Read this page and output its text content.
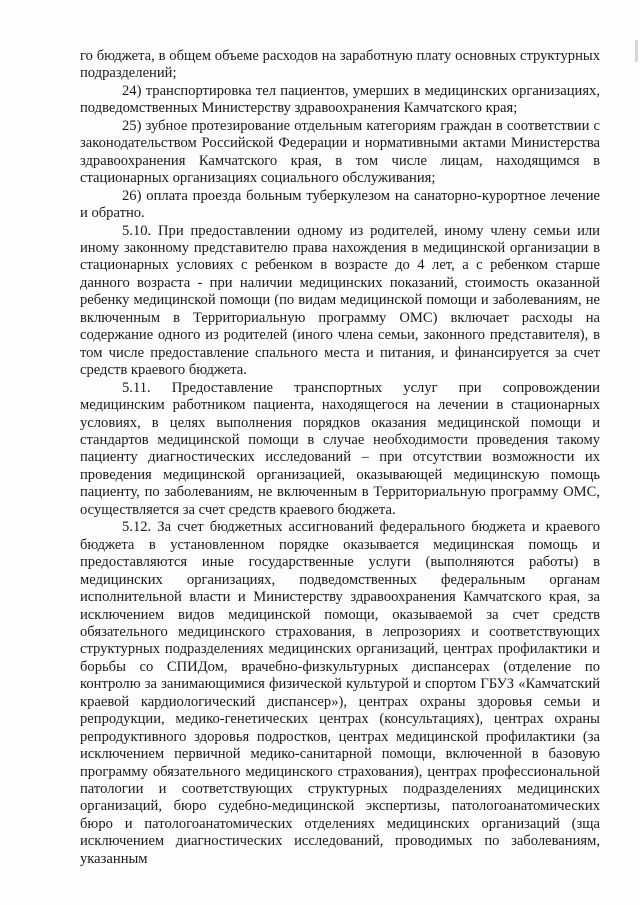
го бюджета, в общем объеме расходов на заработную плату основных структурных подразделений;

24) транспортировка тел пациентов, умерших в медицинских организациях, подведомственных Министерству здравоохранения Камчатского края;

25) зубное протезирование отдельным категориям граждан в соответствии с законодательством Российской Федерации и нормативными актами Министерства здравоохранения Камчатского края, в том числе лицам, находящимся в стационарных организациях социального обслуживания;

26) оплата проезда больным туберкулезом на санаторно-курортное лечение и обратно.

5.10. При предоставлении одному из родителей, иному члену семьи или иному законному представителю права нахождения в медицинской организации в стационарных условиях с ребенком в возрасте до 4 лет, а с ребенком старше данного возраста - при наличии медицинских показаний, стоимость оказанной ребенку медицинской помощи (по видам медицинской помощи и заболеваниям, не включенным в Территориальную программу ОМС) включает расходы на содержание одного из родителей (иного члена семьи, законного представителя), в том числе предоставление спального места и питания, и финансируется за счет средств краевого бюджета.

5.11. Предоставление транспортных услуг при сопровождении медицинским работником пациента, находящегося на лечении в стационарных условиях, в целях выполнения порядков оказания медицинской помощи и стандартов медицинской помощи в случае необходимости проведения такому пациенту диагностических исследований – при отсутствии возможности их проведения медицинской организацией, оказывающей медицинскую помощь пациенту, по заболеваниям, не включенным в Территориальную программу ОМС, осуществляется за счет средств краевого бюджета.

5.12. За счет бюджетных ассигнований федерального бюджета и краевого бюджета в установленном порядке оказывается медицинская помощь и предоставляются иные государственные услуги (выполняются работы) в медицинских организациях, подведомственных федеральным органам исполнительной власти и Министерству здравоохранения Камчатского края, за исключением видов медицинской помощи, оказываемой за счет средств обязательного медицинского страхования, в лепрозориях и соответствующих структурных подразделениях медицинских организаций, центрах профилактики и борьбы со СПИДом, врачебно-физкультурных диспансерах (отделение по контролю за занимающимися физической культурой и спортом ГБУЗ «Камчатский краевой кардиологический диспансер»), центрах охраны здоровья семьи и репродукции, медико-генетических центрах (консультациях), центрах охраны репродуктивного здоровья подростков, центрах медицинской профилактики (за исключением первичной медико-санитарной помощи, включенной в базовую программу обязательного медицинского страхования), центрах профессиональной патологии и соответствующих структурных подразделениях медицинских организаций, бюро судебно-медицинской экспертизы, патологоанатомических бюро и патологоанатомических отделениях медицинских организаций (зща исключением диагностических исследований, проводимых по заболеваниям, указанным
